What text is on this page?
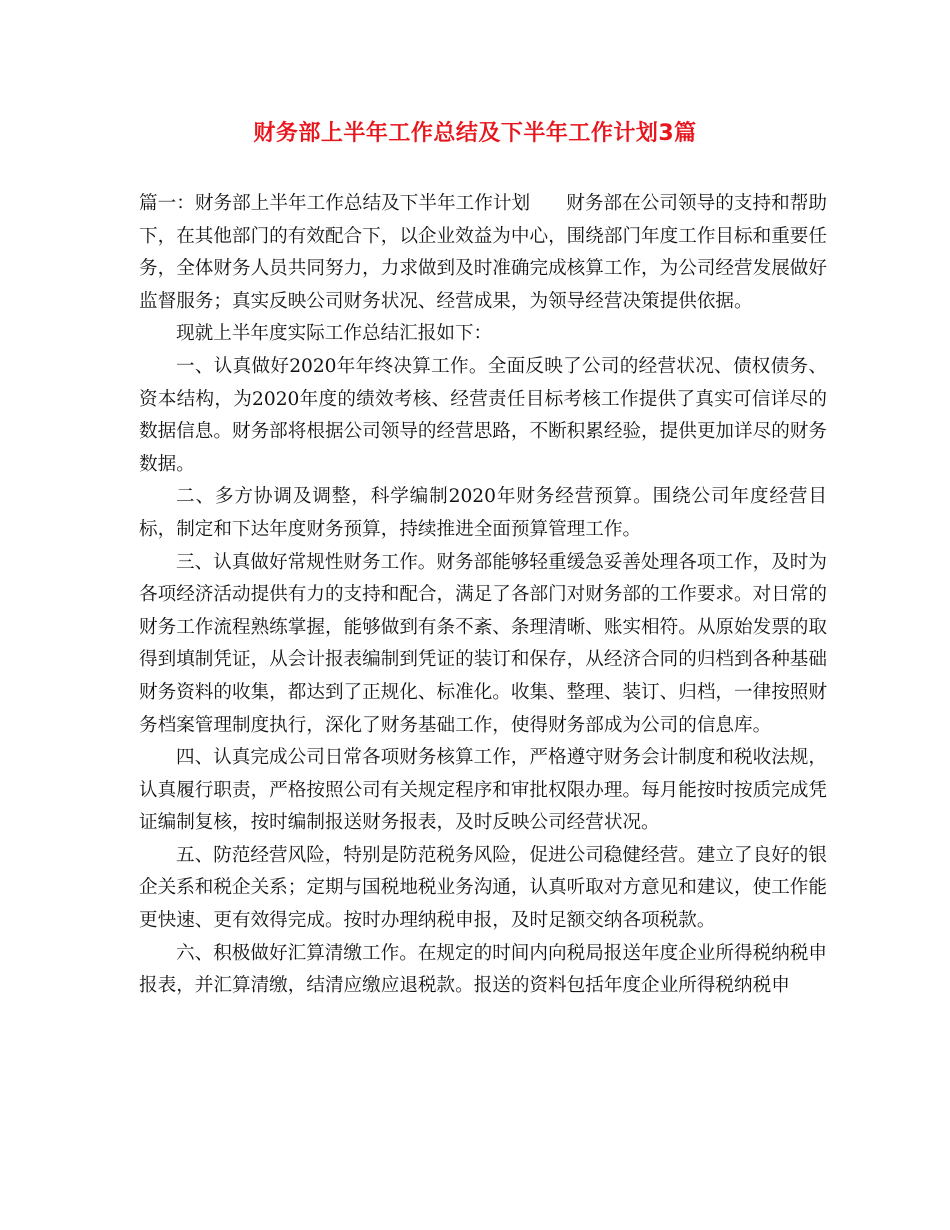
财务部上半年工作总结及下半年工作计划3篇

篇一：财务部上半年工作总结及下半年工作计划 财务部在公司领导的支持和帮助下，在其他部门的有效配合下，以企业效益为中心，围绕部门年度工作目标和重要任务，全体财务人员共同努力，力求做到及时准确完成核算工作，为公司经营发展做好监督服务；真实反映公司财务状况、经营成果，为领导经营决策提供依据。

现就上半年度实际工作总结汇报如下：

一、认真做好2020年年终决算工作。全面反映了公司的经营状况、债权债务、资本结构，为2020年度的绩效考核、经营责任目标考核工作提供了真实可信详尽的数据信息。财务部将根据公司领导的经营思路，不断积累经验，提供更加详尽的财务数据。

二、多方协调及调整，科学编制2020年财务经营预算。围绕公司年度经营目标，制定和下达年度财务预算，持续推进全面预算管理工作。

三、认真做好常规性财务工作。财务部能够轻重缓急妥善处理各项工作，及时为各项经济活动提供有力的支持和配合，满足了各部门对财务部的工作要求。对日常的财务工作流程熟练掌握，能够做到有条不紊、条理清晰、账实相符。从原始发票的取得到填制凭证，从会计报表编制到凭证的装订和保存，从经济合同的归档到各种基础财务资料的收集，都达到了正规化、标准化。收集、整理、装订、归档，一律按照财务档案管理制度执行，深化了财务基础工作，使得财务部成为公司的信息库。

四、认真完成公司日常各项财务核算工作，严格遵守财务会计制度和税收法规，认真履行职责，严格按照公司有关规定程序和审批权限办理。每月能按时按质完成凭证编制复核，按时编制报送财务报表，及时反映公司经营状况。

五、防范经营风险，特别是防范税务风险，促进公司稳健经营。建立了良好的银企关系和税企关系；定期与国税地税业务沟通，认真听取对方意见和建议，使工作能更快速、更有效得完成。按时办理纳税申报，及时足额交纳各项税款。

六、积极做好汇算清缴工作。在规定的时间内向税局报送年度企业所得税纳税申报表，并汇算清缴，结清应缴应退税款。报送的资料包括年度企业所得税纳税申
